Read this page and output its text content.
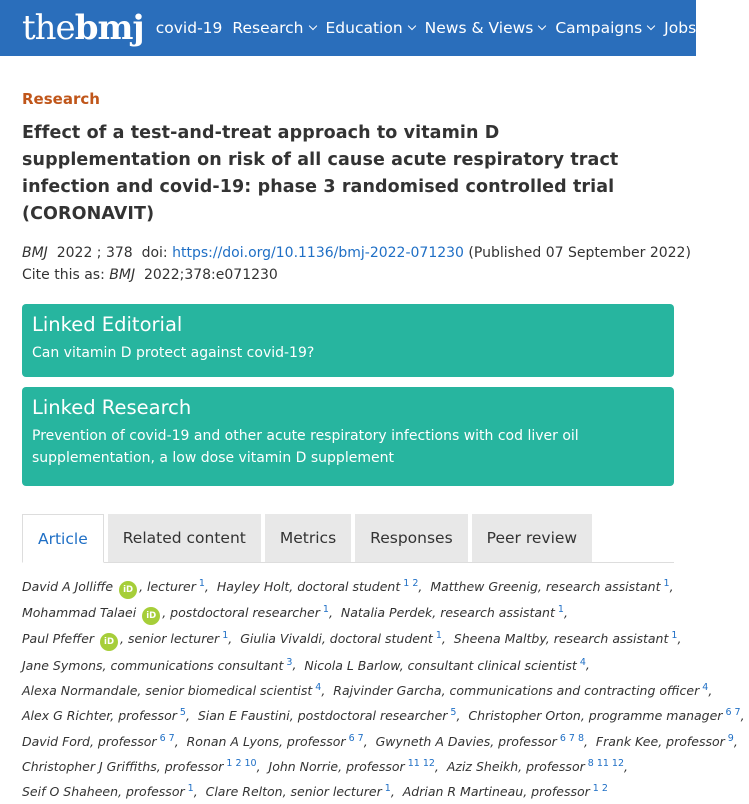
thebmj covid-19 Research Education News & Views Campaigns Jobs
Research
Effect of a test-and-treat approach to vitamin D supplementation on risk of all cause acute respiratory tract infection and covid-19: phase 3 randomised controlled trial (CORONAVIT)
BMJ 2022 ; 378 doi: https://doi.org/10.1136/bmj-2022-071230 (Published 07 September 2022)
Cite this as: BMJ 2022;378:e071230
Linked Editorial

Can vitamin D protect against covid-19?

Linked Research

Prevention of covid-19 and other acute respiratory infections with cod liver oil supplementation, a low dose vitamin D supplement

Article	Related content	Metrics	Responses	Peer review
David A Jolliffe iD , lecturer $^1$,  Hayley Holt, doctoral student $^{1 2}$,  Matthew Greenig, research assistant $^1$,
Mohammad Talaei iD , postdoctoral researcher $^1$,  Natalia Perdek, research assistant $^1$,
Paul Pfeffer iD , senior lecturer $^1$,  Giulia Vivaldi, doctoral student $^1$,  Sheena Maltby, research assistant $^1$,
Jane Symons, communications consultant $^3$,  Nicola L Barlow, consultant clinical scientist $^4$,
Alexa Normandale, senior biomedical scientist $^4$,  Rajvinder Garcha, communications and contracting officer $^4$,
Alex G Richter, professor $^5$,  Sian E Faustini, postdoctoral researcher $^5$,  Christopher Orton, programme manager $^{6 7}$,
David Ford, professor $^{6 7}$,  Ronan A Lyons, professor $^{6 7}$,  Gwyneth A Davies, professor $^{6 7 8}$,  Frank Kee, professor $^9$,
Christopher J Griffiths, professor $^{1 2 10}$,  John Norrie, professor $^{11 12}$,  Aziz Sheikh, professor $^{8 11 12}$,
Seif O Shaheen, professor $^1$,  Clare Relton, senior lecturer $^1$,  Adrian R Martineau, professor $^{1 2}$
